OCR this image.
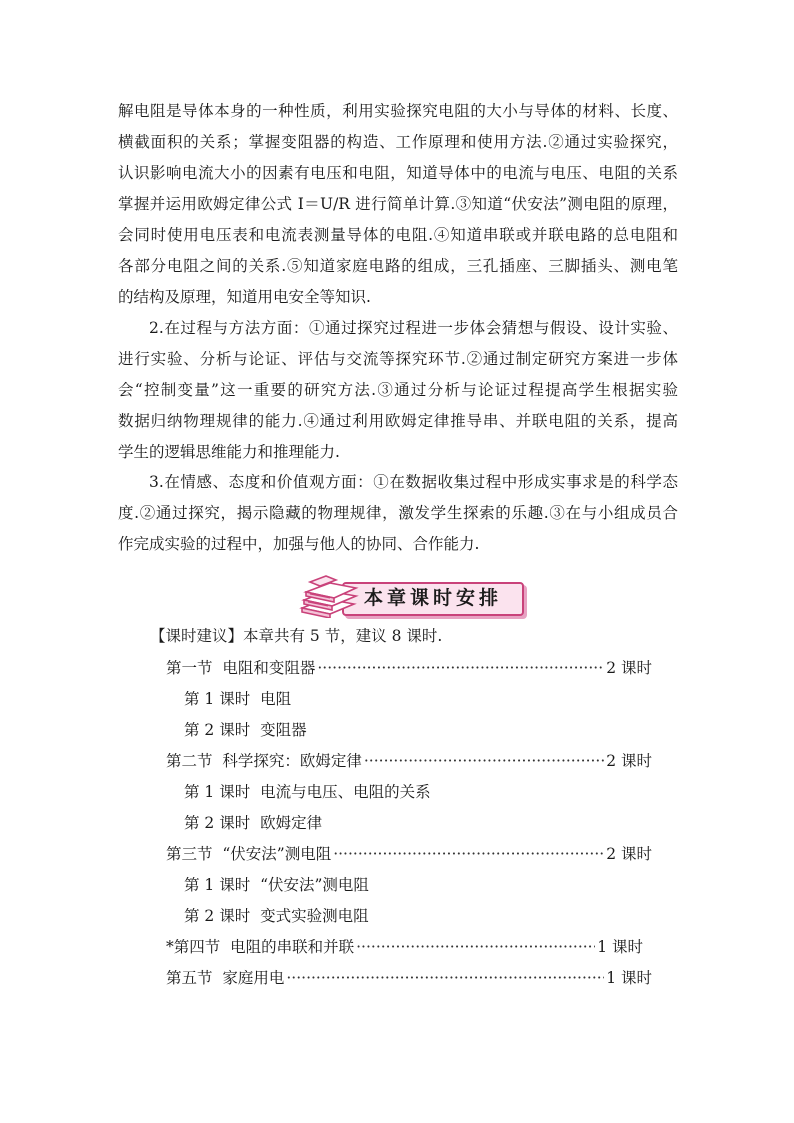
解电阻是导体本身的一种性质，利用实验探究电阻的大小与导体的材料、长度、
横截面积的关系；掌握变阻器的构造、工作原理和使用方法.②通过实验探究，
认识影响电流大小的因素有电压和电阻，知道导体中的电流与电压、电阻的关系
掌握并运用欧姆定律公式 I＝U/R 进行简单计算.③知道“伏安法”测电阻的原理，
会同时使用电压表和电流表测量导体的电阻.④知道串联或并联电路的总电阻和
各部分电阻之间的关系.⑤知道家庭电路的组成，三孔插座、三脚插头、测电笔
的结构及原理，知道用电安全等知识.
2.在过程与方法方面：①通过探究过程进一步体会猜想与假设、设计实验、
进行实验、分析与论证、评估与交流等探究环节.②通过制定研究方案进一步体
会“控制变量”这一重要的研究方法.③通过分析与论证过程提高学生根据实验
数据归纳物理规律的能力.④通过利用欧姆定律推导串、并联电阻的关系，提高
学生的逻辑思维能力和推理能力.
3.在情感、态度和价值观方面：①在数据收集过程中形成实事求是的科学态
度.②通过探究，揭示隐藏的物理规律，激发学生探索的乐趣.③在与小组成员合
作完成实验的过程中，加强与他人的协同、合作能力.
本章课时安排
【课时建议】本章共有 5 节，建议 8 课时.
第一节  电阻和变阻器 ·····	2 课时
第 1 课时  电阻
第 2 课时  变阻器
第二节  科学探究：欧姆定律 ·····	2 课时
第 1 课时  电流与电压、电阻的关系
第 2 课时  欧姆定律
第三节  “伏安法”测电阻 ·····	2 课时
第 1 课时  “伏安法”测电阻
第 2 课时  变式实验测电阻
*第四节  电阻的串联和并联 ·····	1 课时
第五节  家庭用电 ·····	1 课时
